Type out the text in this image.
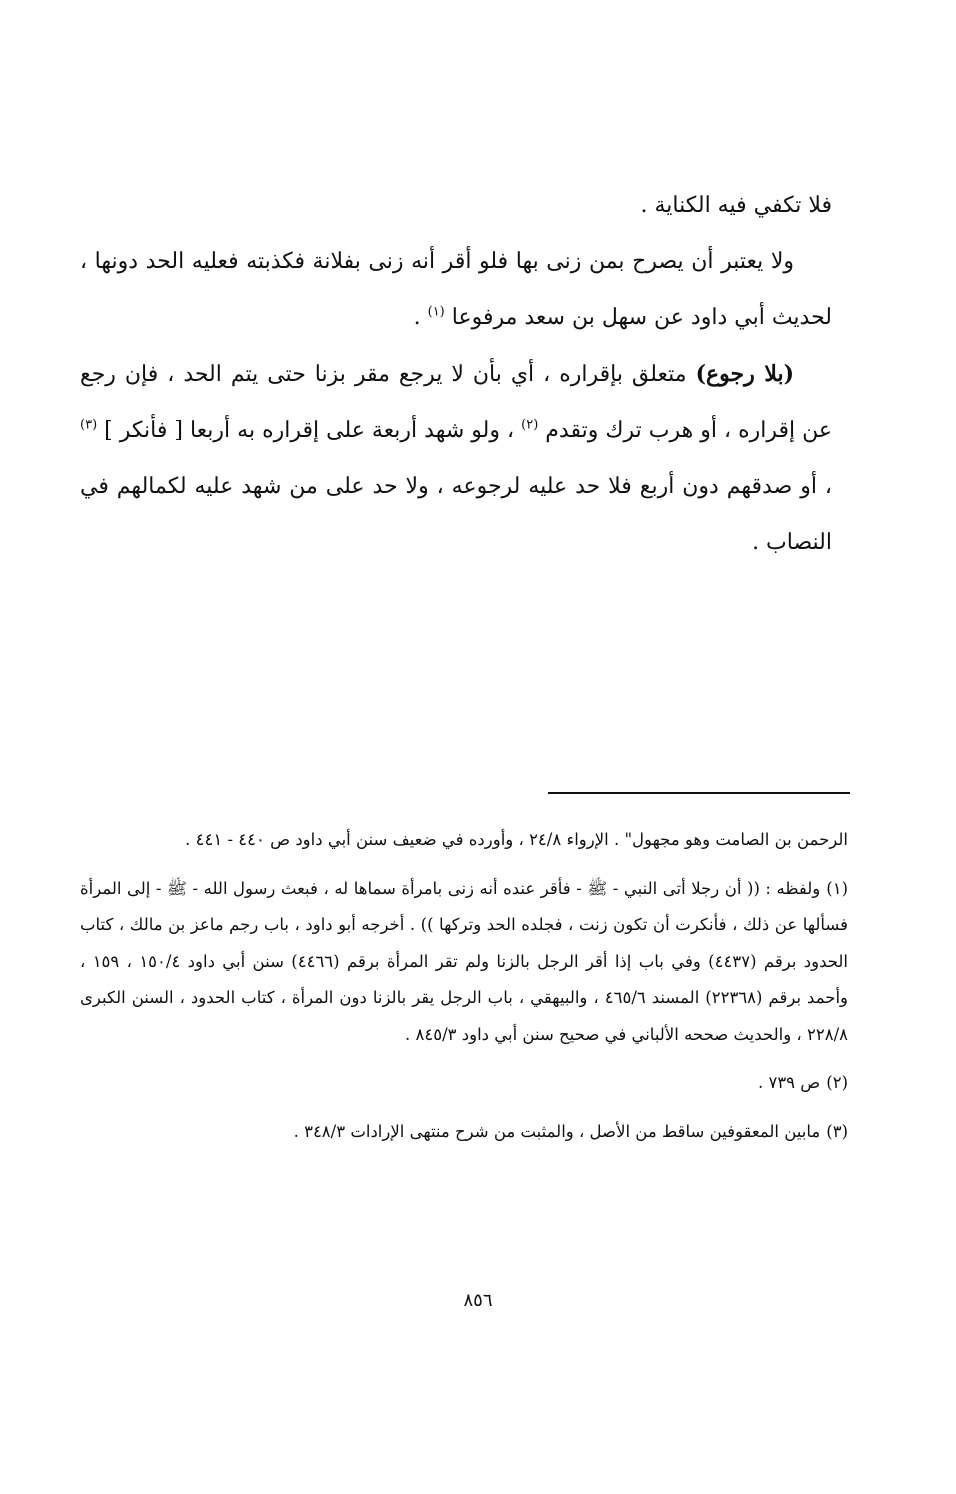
فلا تكفي فيه الكناية .

ولا يعتبر أن يصرح بمن زنى بها فلو أقر أنه زنى بفلانة فكذبته فعليه الحد دونها ، لحديث أبي داود عن سهل بن سعد مرفوعا $^{(١)}$ .

(بلا رجوع) متعلق بإقراره ، أي بأن لا يرجع مقر بزنا حتى يتم الحد ، فإن رجع عن إقراره ، أو هرب ترك وتقدم $^{(٢)}$ ، ولو شهد أربعة على إقراره به أربعا [ فأنكر ] $^{(٣)}$ ، أو صدقهم دون أربع فلا حد عليه لرجوعه ، ولا حد على من شهد عليه لكمالهم في النصاب .

الرحمن بن الصامت وهو مجهول" . الإرواء ٢٤/٨ ، وأورده في ضعيف سنن أبي داود ص ٤٤٠ - ٤٤١ .

(١)ولفظه : (( أن رجلا أتى النبي - ﷺ - فأقر عنده أنه زنى بامرأة سماها له ، فبعث رسول الله - ﷺ - إلى المرأة فسألها عن ذلك ، فأنكرت أن تكون زنت ، فجلده الحد وتركها )) . أخرجه أبو داود ، باب رجم ماعز بن مالك ، كتاب الحدود برقم (٤٤٣٧) وفي باب إذا أقر الرجل بالزنا ولم تقر المرأة برقم (٤٤٦٦) سنن أبي داود ١٥٠/٤ ، ١٥٩ ، وأحمد برقم (٢٢٣٦٨) المسند ٤٦٥/٦ ، والبيهقي ، باب الرجل يقر بالزنا دون المرأة ، كتاب الحدود ، السنن الكبرى ٢٢٨/٨ ، والحديث صححه الألباني في صحيح سنن أبي داود ٨٤٥/٣ .

(٢)ص ٧٣٩ .

(٣)مابين المعقوفين ساقط من الأصل ، والمثبت من شرح منتهى الإرادات ٣٤٨/٣ .

٨٥٦
